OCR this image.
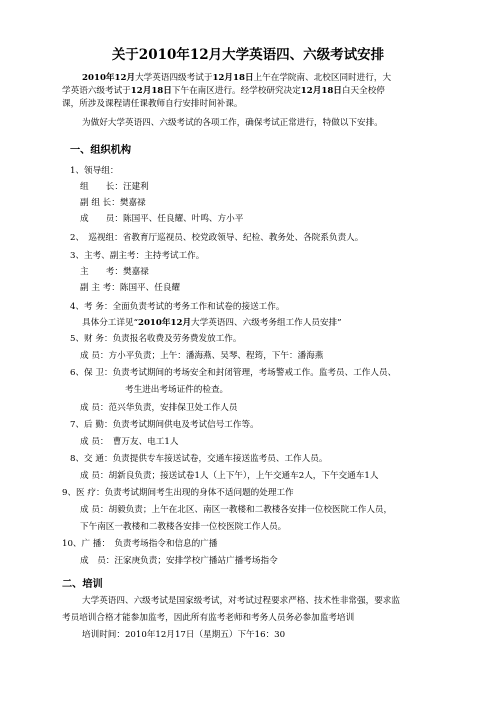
关于2010年12月大学英语四、六级考试安排
2010年12月大学英语四级考试于12月18日上午在学院南、北校区同时进行，大
学英语六级考试于12月18日下午在南区进行。经学校研究决定12月18日白天全校停
课，所涉及课程请任课教师自行安排时间补课。
为做好大学英语四、六级考试的各项工作，确保考试正常进行，特做以下安排。
一、组织机构
1、领导组：
组　　长：汪建利
副 组 长：樊嘉禄
成　　员：陈国平、任良耀、叶鸣、方小平
2、　巡视组：省教育厅巡视员、校党政领导、纪检、教务处、各院系负责人。
3、主考、副主考：主持考试工作。
主　　考：樊嘉禄
副 主 考：陈国平、任良耀
4、考 务：全面负责考试的考务工作和试卷的接送工作。
具体分工详见“2010年12月大学英语四、六级考务组工作人员安排”
5、财 务：负责报名收费及劳务费发放工作。
成 员：方小平负责；上午：潘海燕、吴琴、程筠，下午：潘海燕
6、保 卫：负责考试期间的考场安全和封闭管理，考场警戒工作。监考员、工作人员、
考生进出考场证件的检查。
成 员：范兴华负责，安排保卫处工作人员
7、后 勤：负责考试期间供电及考试信号工作等。
成 员：　曹万友、电工1人
8、交 通：负责提供专车接送试卷，交通车接送监考员、工作人员。
成 员：胡新良负责；接送试卷1人（上下午），上午交通车2人，下午交通车1人
9、医 疗：负责考试期间考生出现的身体不适问题的处理工作
成 员：胡毅负责；上午在北区、南区一教楼和二教楼各安排一位校医院工作人员，
下午南区一教楼和二教楼各安排一位校医院工作人员。
10、广 播：　负责考场指令和信息的广播
成　员：汪家庚负责；安排学校广播站广播考场指令
二、培训
大学英语四、六级考试是国家级考试，对考试过程要求严格、技术性非常强，要求监
考员培训合格才能参加监考，因此所有监考老师和考务人员务必参加监考培训
培训时间：2010年12月17日（星期五）下午16：30
